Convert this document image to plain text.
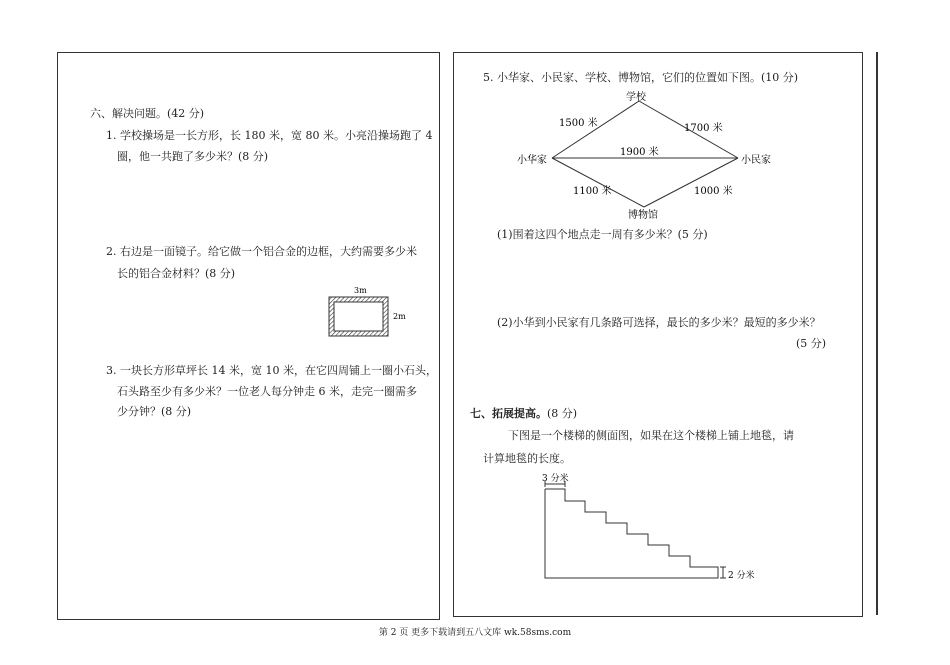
六、解决问题。(42 分)
1. 学校操场是一长方形，长 180 米，宽 80 米。小亮沿操场跑了 4
圈，他一共跑了多少米？(8 分)
2. 右边是一面镜子。给它做一个铝合金的边框，大约需要多少米
长的铝合金材料？(8 分)
3m
2m
3. 一块长方形草坪长 14 米，宽 10 米，在它四周铺上一圈小石头，
石头路至少有多少米？一位老人每分钟走 6 米，走完一圈需多
少分钟？(8 分)
5. 小华家、小民家、学校、博物馆，它们的位置如下图。(10 分)
学校
小华家	小民家
博物馆
1500 米	1700 米
1900 米
1100 米	1000 米
(1)围着这四个地点走一周有多少米？(5 分)
(2)小华到小民家有几条路可选择，最长的多少米？最短的多少米？
(5 分)
七、拓展提高。(8 分)
下图是一个楼梯的侧面图，如果在这个楼梯上铺上地毯，请
计算地毯的长度。
3 分米
2 分米
第 2 页 更多下载请到五八文库 wk.58sms.com
